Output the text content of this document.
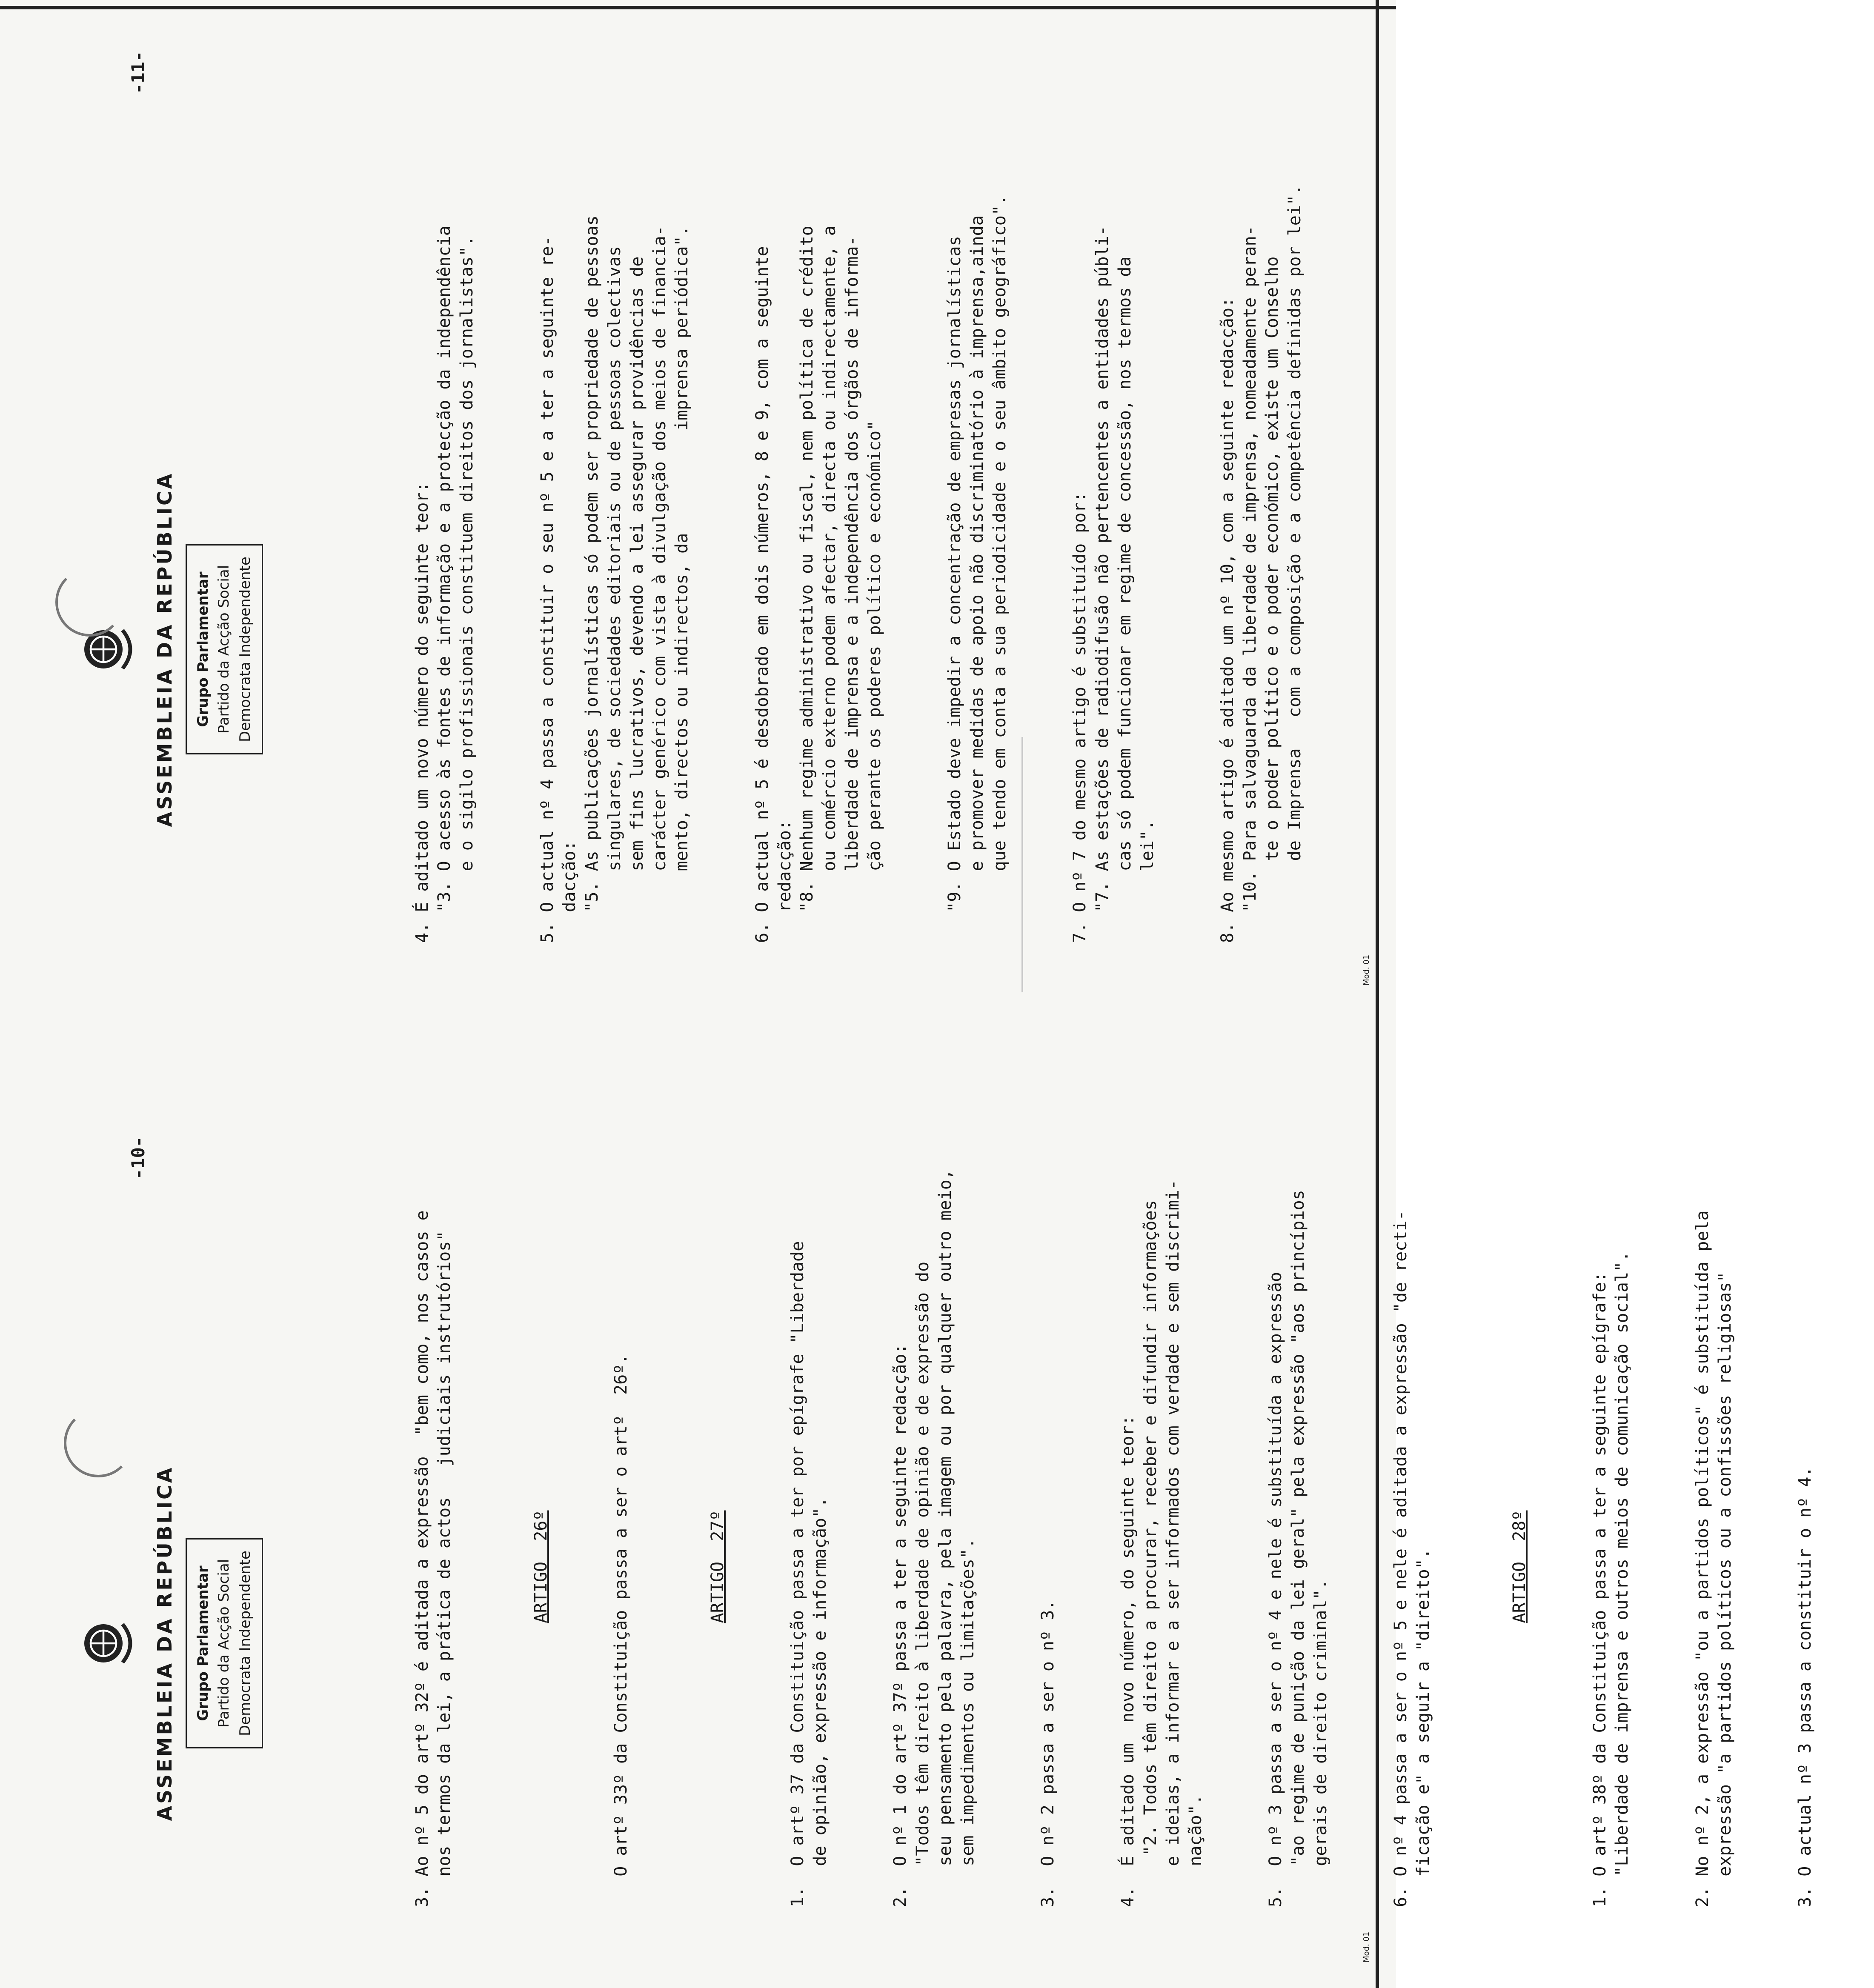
ASSEMBLEIA DA REPÚBLICA Grupo Parlamentar Partido da Acção Social Democrata Independente
-10-

3. Ao nº 5 do artº 32º é aditada a expressão  "bem como, nos casos e
nos termos da lei, a prática de actos   judiciais instrutórios"

ARTIGO  26º

	O artº 33º da Constituição passa a ser o artº  26º.

	ARTIGO  27º

1.  O artº 37 da Constituição passa a ter por epígrafe "Liberdade
de opinião, expressão e informação".

2.  O nº 1 do artº 37º passa a ter a seguinte redacção:
"Todos têm direito à liberdade de opinião e de expressão do
seu pensamento pela palavra, pela imagem ou por qualquer outro meio,
sem impedimentos ou limitações".

	3.  O nº 2 passa a ser o nº 3.

	4.  É aditado um  novo número, do seguinte teor:
"2. Todos têm direito a procurar, receber e difundir informações
e ideias, a informar e a ser informados com verdade e sem discrimi-
nação".

5.  O nº 3 passa a ser o nº 4 e nele é substituída a expressão
"ao regime de punição da lei geral" pela expressão "aos princípios
gerais de direito criminal".

6. O nº 4 passa a ser o nº 5 e nele é aditada a expressão "de recti-
ficação e" a seguir a "direito".

	ARTIGO  28º

1. O artº 38º da Constituição passa a ter a seguinte epígrafe:
"Liberdade de imprensa e outros meios de comunicação social".

2. No nº 2, a expressão "ou a partidos políticos" é substituída pela
expressão "a partidos políticos ou a confissões religiosas"

3. O actual nº 3 passa a constituir o nº 4.

Mod. 01
ASSEMBLEIA DA REPÚBLICA Grupo Parlamentar Partido da Acção Social Democrata Independente
-11-

4. É aditado um novo número do seguinte teor:
"3. O acesso às fontes de informação e a protecção da independência
e o sigilo profissionais constituem direitos dos jornalistas".

5. O actual nº 4 passa a constituir o seu nº 5 e a ter a seguinte re-
dacção:
"5. As publicações jornalísticas só podem ser propriedade de pessoas
singulares, de sociedades editoriais ou de pessoas colectivas
sem fins lucrativos, devendo a lei assegurar providências de
carácter genérico com vista à divulgação dos meios de financia-
mento, directos ou indirectos, da          imprensa periódica".

6. O actual nº 5 é desdobrado em dois números, 8 e 9, com a seguinte
redacção:
"8. Nenhum regime administrativo ou fiscal, nem política de crédito
ou comércio externo podem afectar, directa ou indirectamente, a
liberdade de imprensa e a independência dos órgãos de informa-
ção perante os poderes político e económico"

"9. O Estado deve impedir a concentração de empresas jornalísticas
e promover medidas de apoio não discriminatório à imprensa,ainda
que tendo em conta a sua periodicidade e o seu âmbito geográfico".

7. O nº 7 do mesmo artigo é substituído por:
"7. As estações de radiodifusão não pertencentes a entidades públi-
cas só podem funcionar em regime de concessão, nos termos da
lei".

8. Ao mesmo artigo é aditado um nº 10, com a seguinte redacção:
"10. Para salvaguarda da liberdade de imprensa, nomeadamente peran-
te o poder político e o poder económico, existe um Conselho
de Imprensa   com a composição e a competência definidas por lei".

Mod. 01
